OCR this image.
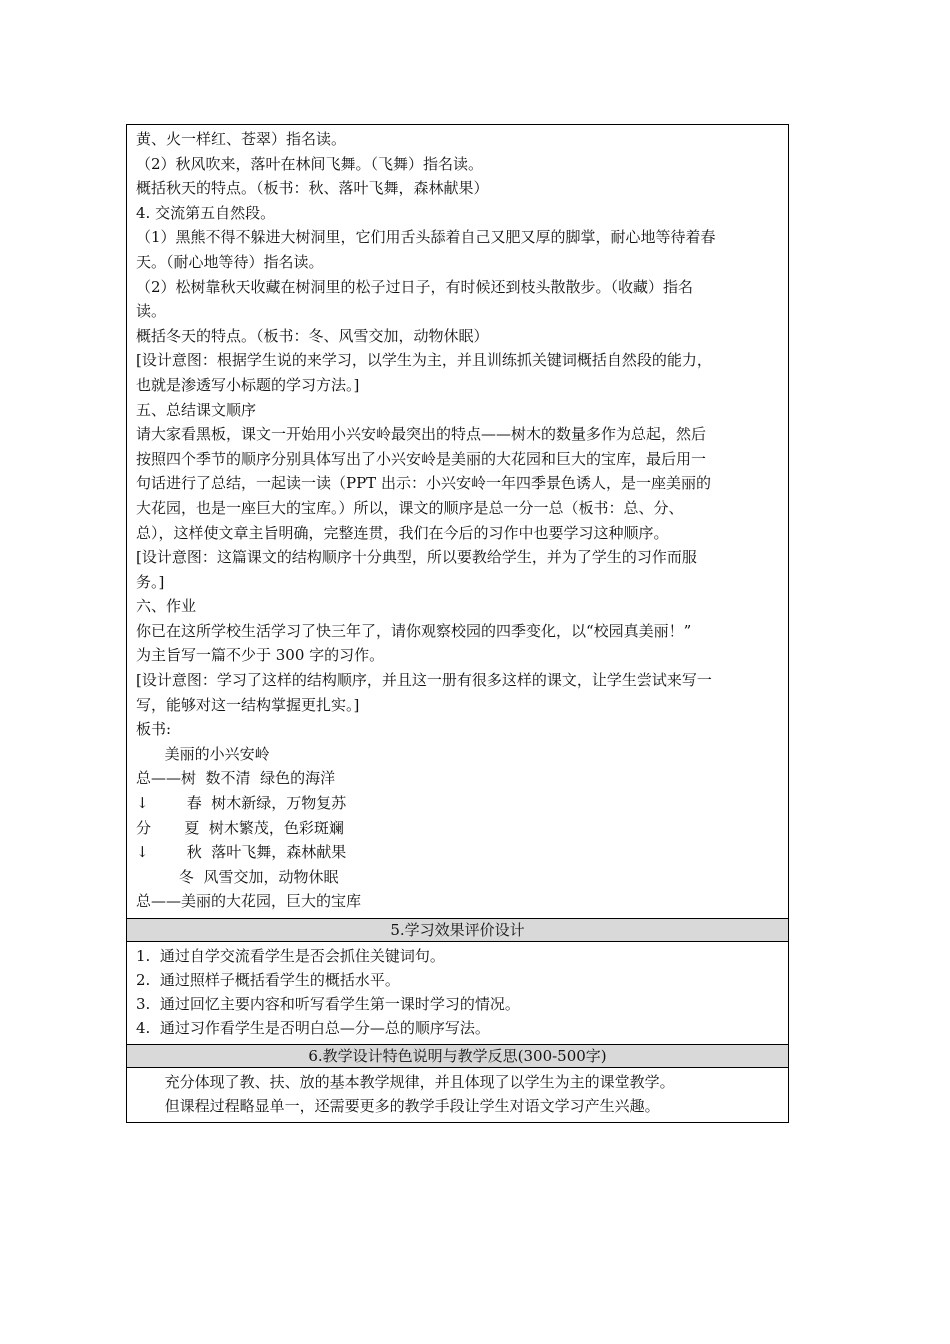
黄、火一样红、苍翠）指名读。
（2）秋风吹来，落叶在林间飞舞。（飞舞）指名读。
概括秋天的特点。（板书：秋、落叶飞舞，森林献果）
4. 交流第五自然段。
（1）黑熊不得不躲进大树洞里，它们用舌头舔着自己又肥又厚的脚掌，耐心地等待着春
天。（耐心地等待）指名读。
（2）松树靠秋天收藏在树洞里的松子过日子，有时候还到枝头散散步。（收藏）指名
读。
概括冬天的特点。（板书：冬、风雪交加，动物休眠）
[设计意图：根据学生说的来学习，以学生为主，并且训练抓关键词概括自然段的能力，
也就是渗透写小标题的学习方法。]
五、总结课文顺序
请大家看黑板，课文一开始用小兴安岭最突出的特点——树木的数量多作为总起，然后
按照四个季节的顺序分别具体写出了小兴安岭是美丽的大花园和巨大的宝库，最后用一
句话进行了总结，一起读一读（PPT 出示：小兴安岭一年四季景色诱人，是一座美丽的
大花园，也是一座巨大的宝库。）所以，课文的顺序是总一分一总（板书：总、分、
总），这样使文章主旨明确，完整连贯，我们在今后的习作中也要学习这种顺序。
[设计意图：这篇课文的结构顺序十分典型，所以要教给学生，并为了学生的习作而服
务。]
六、作业
你已在这所学校生活学习了快三年了，请你观察校园的四季变化，以“校园真美丽！”
为主旨写一篇不少于 300 字的习作。
[设计意图：学习了这样的结构顺序，并且这一册有很多这样的课文，让学生尝试来写一
写，能够对这一结构掌握更扎实。]
板书:
美丽的小兴安岭
总——树  数不清  绿色的海洋
↓        春  树木新绿，万物复苏
分       夏  树木繁茂，色彩斑斓
↓        秋  落叶飞舞，森林献果
冬  风雪交加，动物休眠
总——美丽的大花园，巨大的宝库

5.学习效果评价设计

1.  通过自学交流看学生是否会抓住关键词句。
2.  通过照样子概括看学生的概括水平。
3.  通过回忆主要内容和听写看学生第一课时学习的情况。
4.  通过习作看学生是否明白总—分—总的顺序写法。

6.教学设计特色说明与教学反思(300-500字)

充分体现了教、扶、放的基本教学规律，并且体现了以学生为主的课堂教学。
但课程过程略显单一，还需要更多的教学手段让学生对语文学习产生兴趣。
